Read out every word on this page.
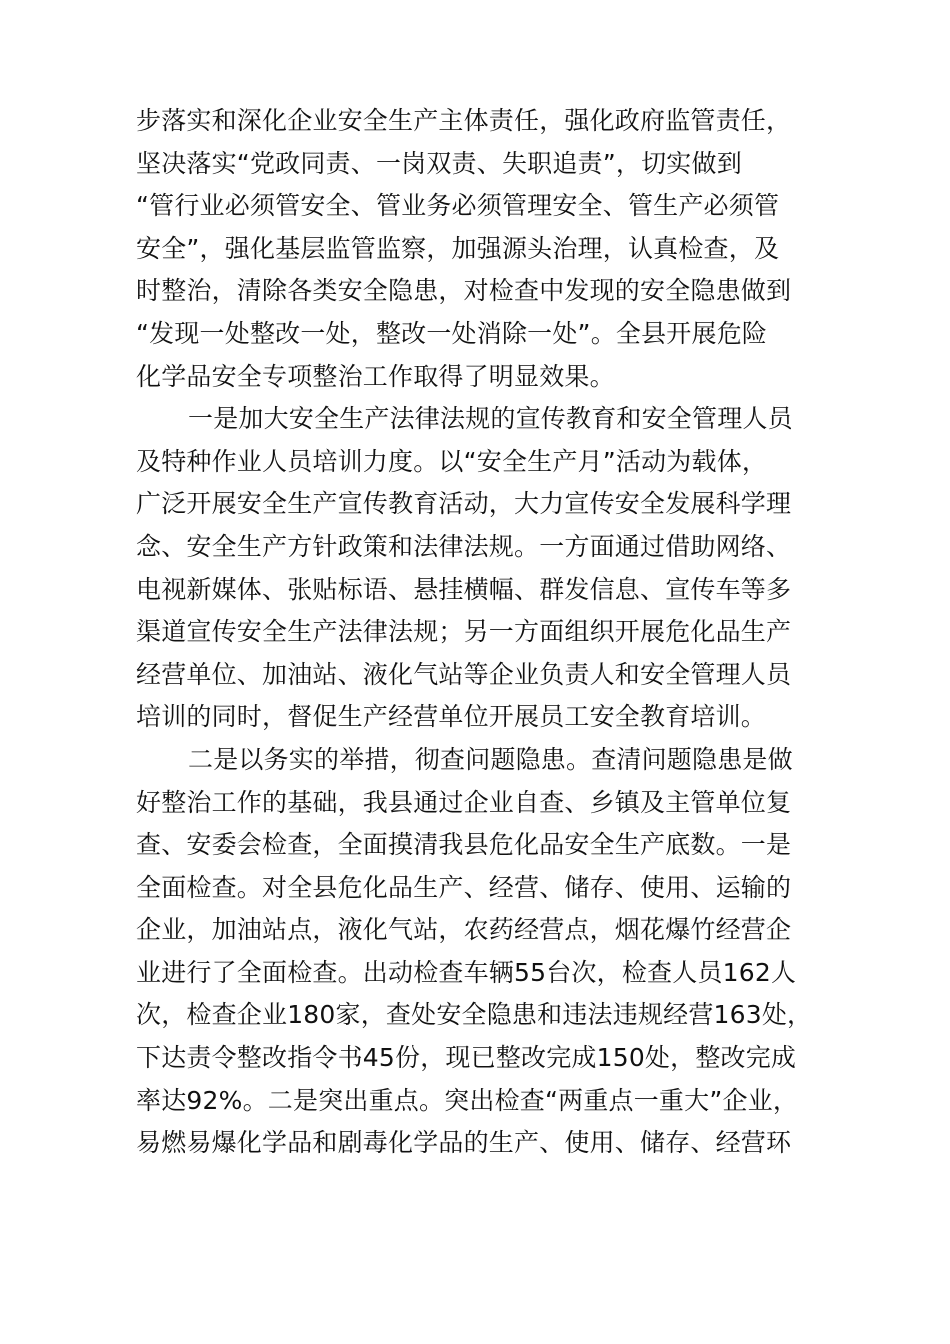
步落实和深化企业安全生产主体责任，强化政府监管责任，
坚决落实“党政同责、一岗双责、失职追责”，切实做到
“管行业必须管安全、管业务必须管理安全、管生产必须管
安全”，强化基层监管监察，加强源头治理，认真检查，及
时整治，清除各类安全隐患，对检查中发现的安全隐患做到
“发现一处整改一处，整改一处消除一处”。全县开展危险
化学品安全专项整治工作取得了明显效果。
一是加大安全生产法律法规的宣传教育和安全管理人员
及特种作业人员培训力度。以“安全生产月”活动为载体，
广泛开展安全生产宣传教育活动，大力宣传安全发展科学理
念、安全生产方针政策和法律法规。一方面通过借助网络、
电视新媒体、张贴标语、悬挂横幅、群发信息、宣传车等多
渠道宣传安全生产法律法规；另一方面组织开展危化品生产
经营单位、加油站、液化气站等企业负责人和安全管理人员
培训的同时，督促生产经营单位开展员工安全教育培训。
二是以务实的举措，彻查问题隐患。查清问题隐患是做
好整治工作的基础，我县通过企业自查、乡镇及主管单位复
查、安委会检查，全面摸清我县危化品安全生产底数。一是
全面检查。对全县危化品生产、经营、储存、使用、运输的
企业，加油站点，液化气站，农药经营点，烟花爆竹经营企
业进行了全面检查。出动检查车辆55台次，检查人员162人
次，检查企业180家，查处安全隐患和违法违规经营163处，
下达责令整改指令书45份，现已整改完成150处，整改完成
率达92%。二是突出重点。突出检查“两重点一重大”企业，
易燃易爆化学品和剧毒化学品的生产、使用、储存、经营环
